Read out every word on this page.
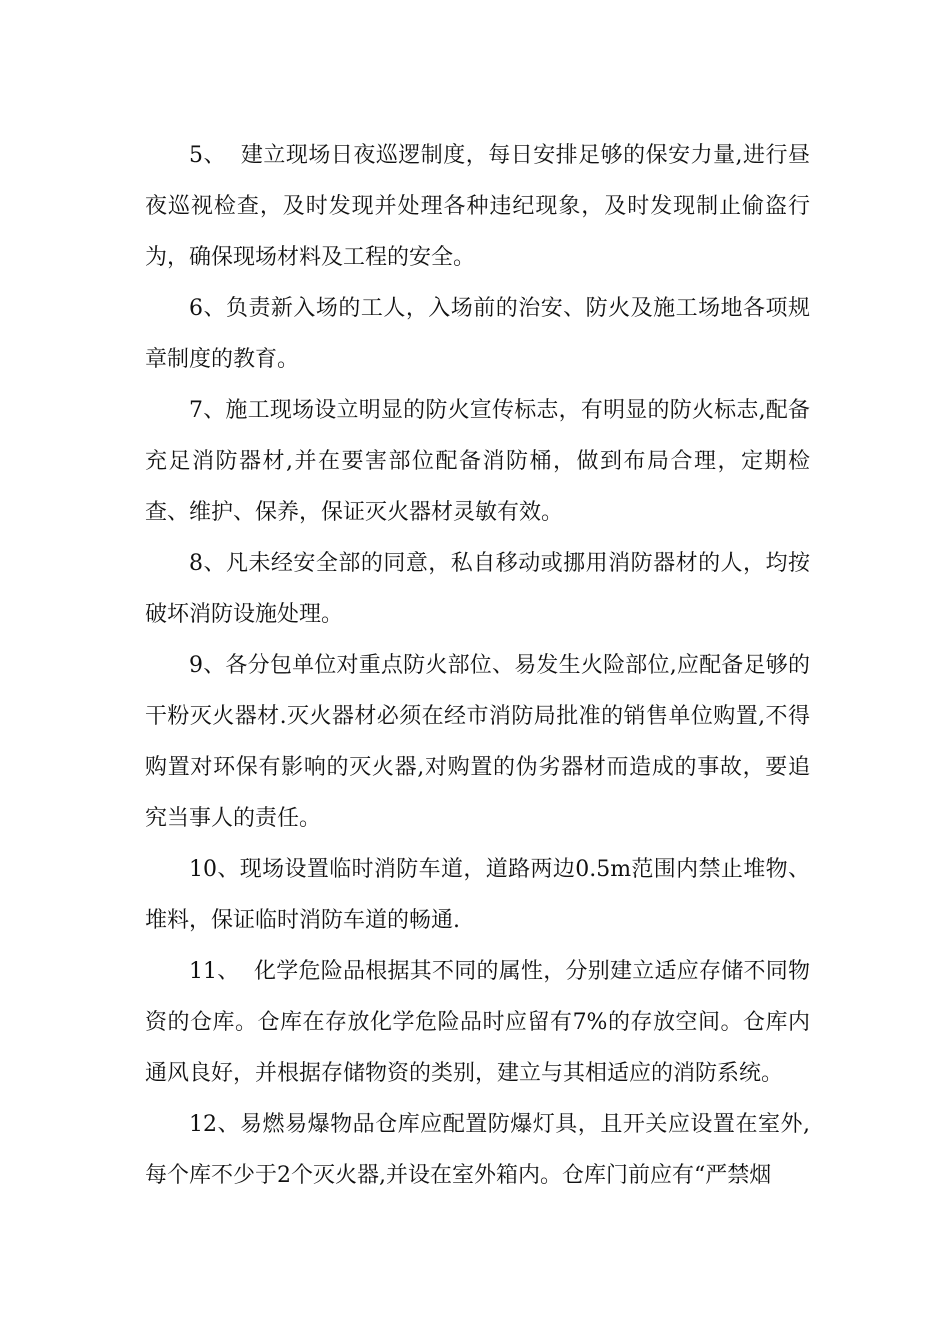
5、  建立现场日夜巡逻制度，每日安排足够的保安力量,进行昼夜巡视检查，及时发现并处理各种违纪现象，及时发现制止偷盗行为，确保现场材料及工程的安全。

6、负责新入场的工人，入场前的治安、防火及施工场地各项规章制度的教育。

7、施工现场设立明显的防火宣传标志，有明显的防火标志,配备充足消防器材,并在要害部位配备消防桶，做到布局合理，定期检查、维护、保养，保证灭火器材灵敏有效。

8、凡未经安全部的同意，私自移动或挪用消防器材的人，均按破坏消防设施处理。

9、各分包单位对重点防火部位、易发生火险部位,应配备足够的干粉灭火器材.灭火器材必须在经市消防局批准的销售单位购置,不得购置对环保有影响的灭火器,对购置的伪劣器材而造成的事故，要追究当事人的责任。

10、现场设置临时消防车道，道路两边0.5m范围内禁止堆物、堆料，保证临时消防车道的畅通.

11、  化学危险品根据其不同的属性，分别建立适应存储不同物资的仓库。仓库在存放化学危险品时应留有7%的存放空间。仓库内通风良好，并根据存储物资的类别，建立与其相适应的消防系统。

12、易燃易爆物品仓库应配置防爆灯具，且开关应设置在室外,每个库不少于2个灭火器,并设在室外箱内。仓库门前应有“严禁烟
